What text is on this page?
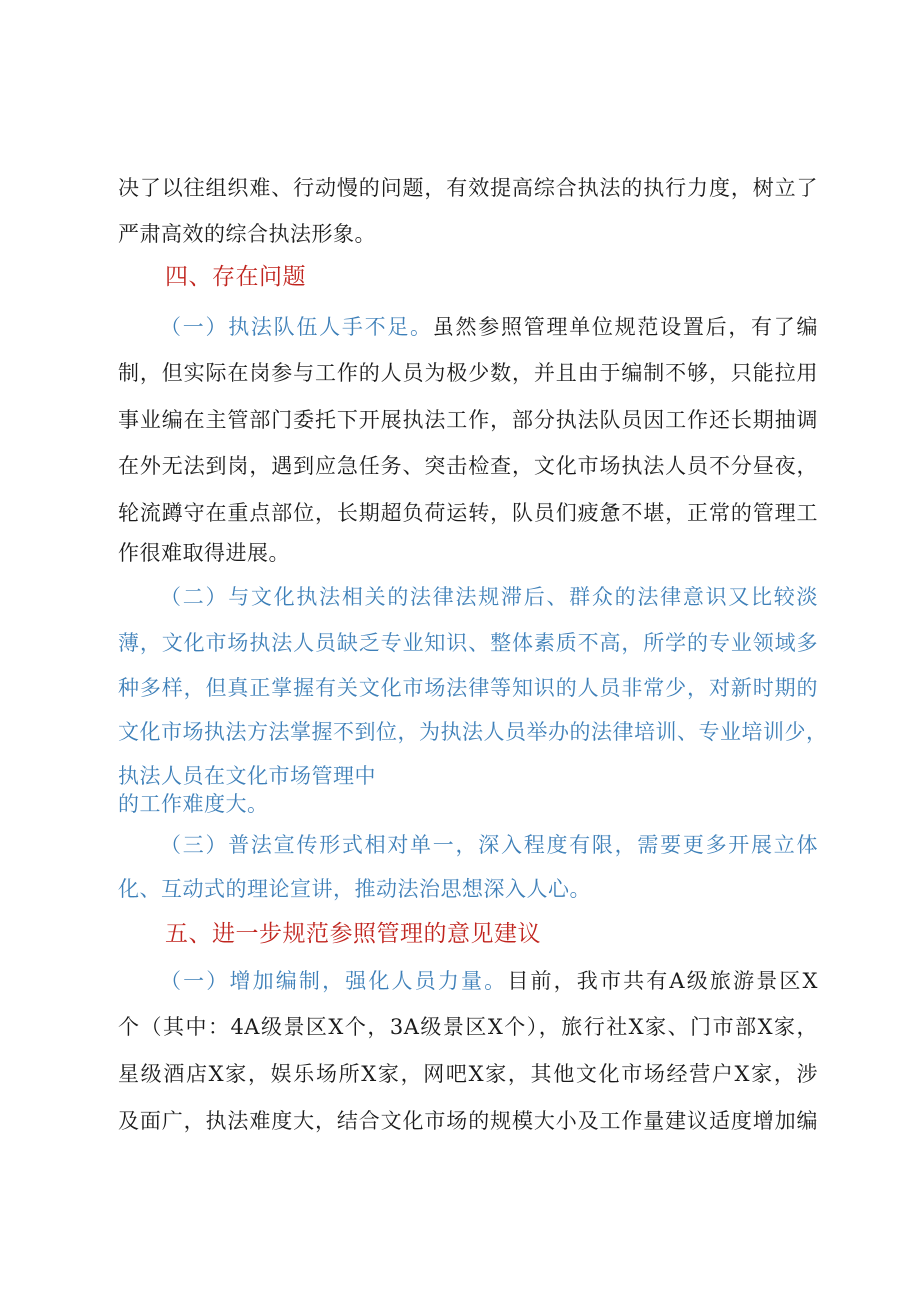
决了以往组织难、行动慢的问题，有效提高综合执法的执行力度，树立了
严肃高效的综合执法形象。
四、存在问题
（一）执法队伍人手不足。虽然参照管理单位规范设置后，有了编
制，但实际在岗参与工作的人员为极少数，并且由于编制不够，只能拉用
事业编在主管部门委托下开展执法工作，部分执法队员因工作还长期抽调
在外无法到岗，遇到应急任务、突击检查，文化市场执法人员不分昼夜，
轮流蹲守在重点部位，长期超负荷运转，队员们疲惫不堪，正常的管理工
作很难取得进展。
（二）与文化执法相关的法律法规滞后、群众的法律意识又比较淡
薄，文化市场执法人员缺乏专业知识、整体素质不高，所学的专业领域多
种多样，但真正掌握有关文化市场法律等知识的人员非常少，对新时期的
文化市场执法方法掌握不到位，为执法人员举办的法律培训、专业培训少，
执法人员在文化市场管理中
的工作难度大。
（三）普法宣传形式相对单一，深入程度有限，需要更多开展立体
化、互动式的理论宣讲，推动法治思想深入人心。
五、进一步规范参照管理的意见建议
（一）增加编制，强化人员力量。目前，我市共有A级旅游景区X
个（其中：4A级景区X个，3A级景区X个），旅行社X家、门市部X家，
星级酒店X家，娱乐场所X家，网吧X家，其他文化市场经营户X家，涉
及面广，执法难度大，结合文化市场的规模大小及工作量建议适度增加编
